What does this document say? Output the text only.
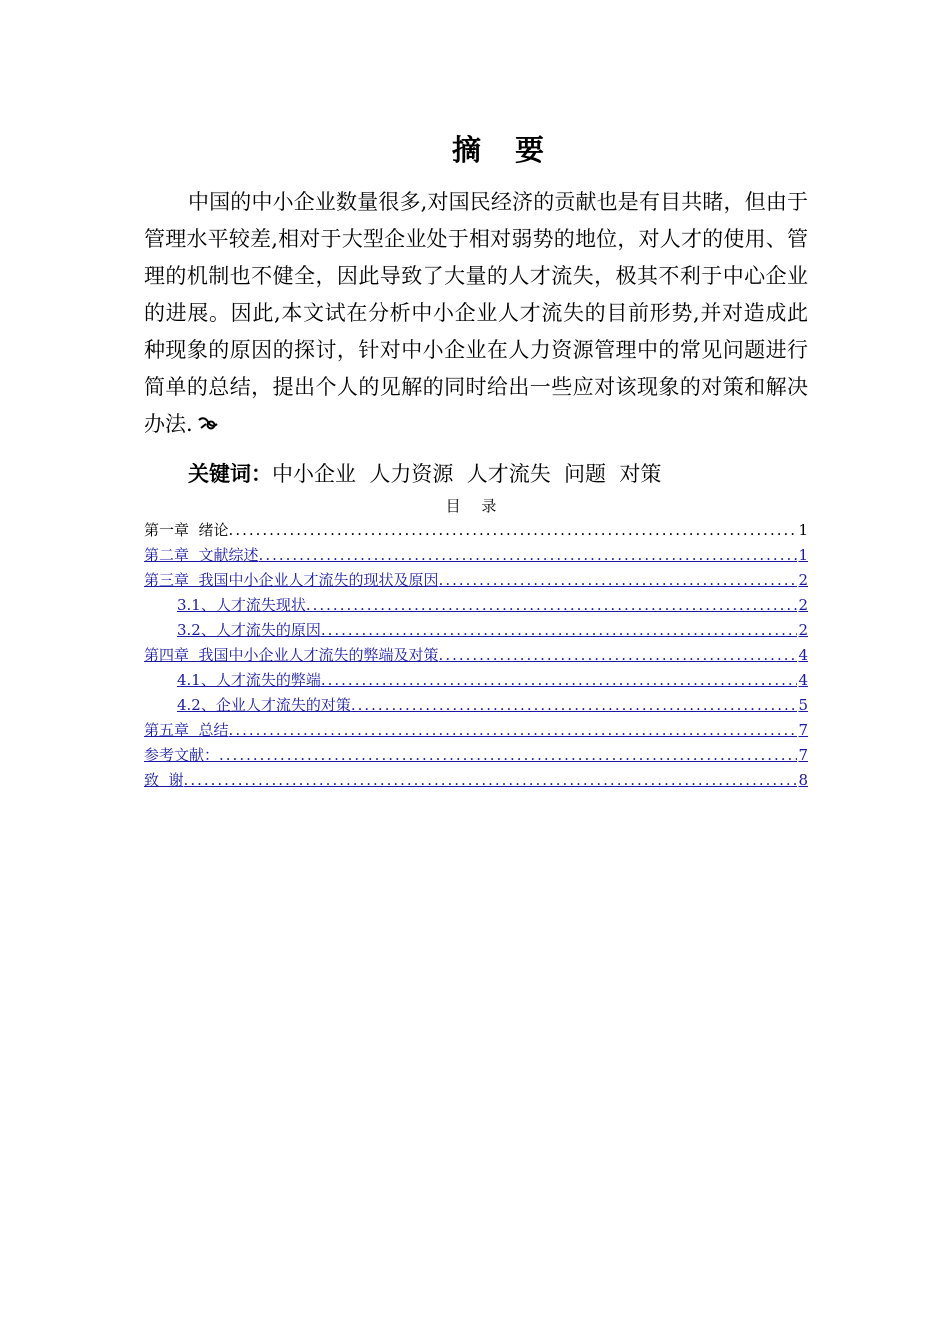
摘 要
中国的中小企业数量很多,对国民经济的贡献也是有目共睹，但由于管理水平较差,相对于大型企业处于相对弱势的地位，对人才的使用、管理的机制也不健全，因此导致了大量的人才流失，极其不利于中心企业的进展。因此,本文试在分析中小企业人才流失的目前形势,并对造成此种现象的原因的探讨，针对中小企业在人力资源管理中的常见问题进行简单的总结，提出个人的见解的同时给出一些应对该现象的对策和解决办法.
关键词：中小企业  人力资源  人才流失  问题  对策
目 录
第一章  绪论 .....	1
第二章  文献综述 .....	1
第三章  我国中小企业人才流失的现状及原因 .....	2
3.1、人才流失现状 .....	2
3.2、人才流失的原因 .....	2
第四章  我国中小企业人才流失的弊端及对策 .....	4
4.1、人才流失的弊端 .....	4
4.2、企业人才流失的对策 .....	5
第五章  总结 .....	7
参考文献： .....	7
致  谢 .....	8
